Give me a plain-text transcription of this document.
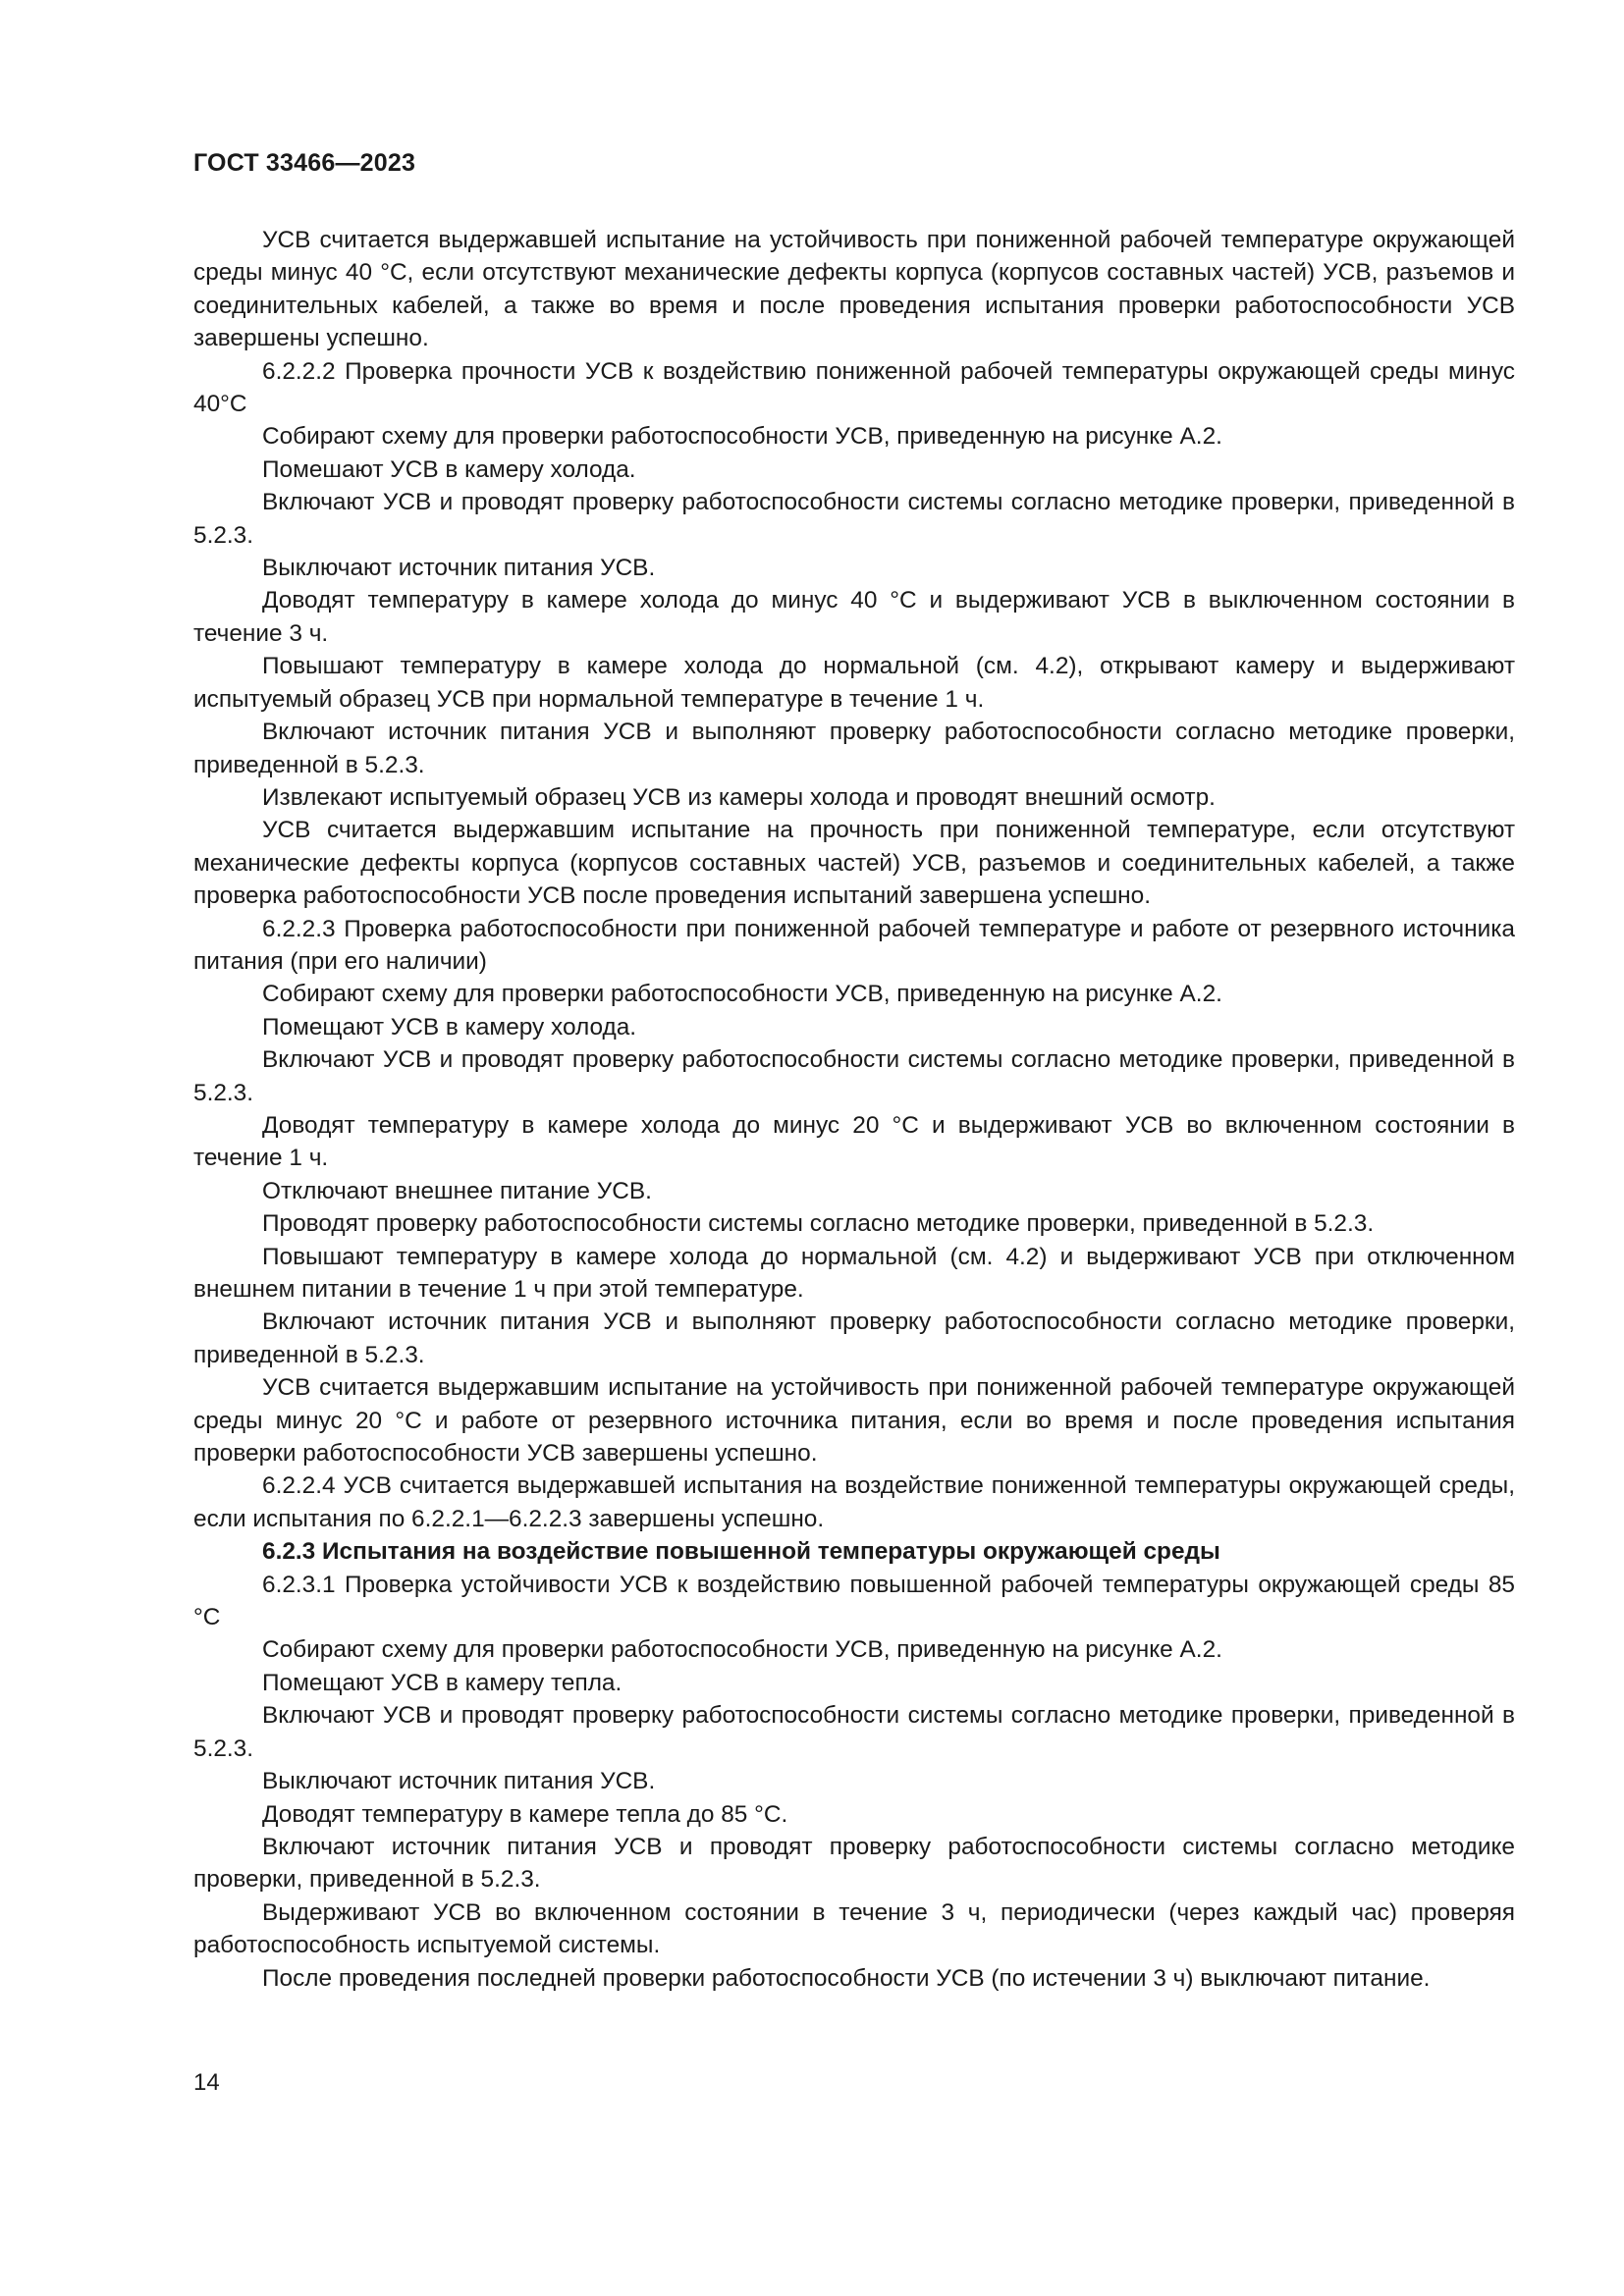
ГОСТ 33466—2023

УСВ считается выдержавшей испытание на устойчивость при пониженной рабочей температуре окружающей среды минус 40 °C, если отсутствуют механические дефекты корпуса (корпусов составных частей) УСВ, разъемов и соединительных кабелей, а также во время и после проведения испытания проверки работоспособности УСВ завершены успешно.

6.2.2.2 Проверка прочности УСВ к воздействию пониженной рабочей температуры окружающей среды минус 40°C

Собирают схему для проверки работоспособности УСВ, приведенную на рисунке А.2.

Помешают УСВ в камеру холода.

Включают УСВ и проводят проверку работоспособности системы согласно методике проверки, приведенной в 5.2.3.

Выключают источник питания УСВ.

Доводят температуру в камере холода до минус 40 °C и выдерживают УСВ в выключенном состоянии в течение 3 ч.

Повышают температуру в камере холода до нормальной (см. 4.2), открывают камеру и выдерживают испытуемый образец УСВ при нормальной температуре в течение 1 ч.

Включают источник питания УСВ и выполняют проверку работоспособности согласно методике проверки, приведенной в 5.2.3.

Извлекают испытуемый образец УСВ из камеры холода и проводят внешний осмотр.

УСВ считается выдержавшим испытание на прочность при пониженной температуре, если отсутствуют механические дефекты корпуса (корпусов составных частей) УСВ, разъемов и соединительных кабелей, а также проверка работоспособности УСВ после проведения испытаний завершена успешно.

6.2.2.3 Проверка работоспособности при пониженной рабочей температуре и работе от резервного источника питания (при его наличии)

Собирают схему для проверки работоспособности УСВ, приведенную на рисунке А.2.

Помещают УСВ в камеру холода.

Включают УСВ и проводят проверку работоспособности системы согласно методике проверки, приведенной в 5.2.3.

Доводят температуру в камере холода до минус 20 °C и выдерживают УСВ во включенном состоянии в течение 1 ч.

Отключают внешнее питание УСВ.

Проводят проверку работоспособности системы согласно методике проверки, приведенной в 5.2.3.

Повышают температуру в камере холода до нормальной (см. 4.2) и выдерживают УСВ при отключенном внешнем питании в течение 1 ч при этой температуре.

Включают источник питания УСВ и выполняют проверку работоспособности согласно методике проверки, приведенной в 5.2.3.

УСВ считается выдержавшим испытание на устойчивость при пониженной рабочей температуре окружающей среды минус 20 °C и работе от резервного источника питания, если во время и после проведения испытания проверки работоспособности УСВ завершены успешно.

6.2.2.4 УСВ считается выдержавшей испытания на воздействие пониженной температуры окружающей среды, если испытания по 6.2.2.1—6.2.2.3 завершены успешно.

6.2.3 Испытания на воздействие повышенной температуры окружающей среды

6.2.3.1 Проверка устойчивости УСВ к воздействию повышенной рабочей температуры окружающей среды 85 °C

Собирают схему для проверки работоспособности УСВ, приведенную на рисунке А.2.

Помещают УСВ в камеру тепла.

Включают УСВ и проводят проверку работоспособности системы согласно методике проверки, приведенной в 5.2.3.

Выключают источник питания УСВ.

Доводят температуру в камере тепла до 85 °C.

Включают источник питания УСВ и проводят проверку работоспособности системы согласно методике проверки, приведенной в 5.2.3.

Выдерживают УСВ во включенном состоянии в течение 3 ч, периодически (через каждый час) проверяя работоспособность испытуемой системы.

После проведения последней проверки работоспособности УСВ (по истечении 3 ч) выключают питание.

14
